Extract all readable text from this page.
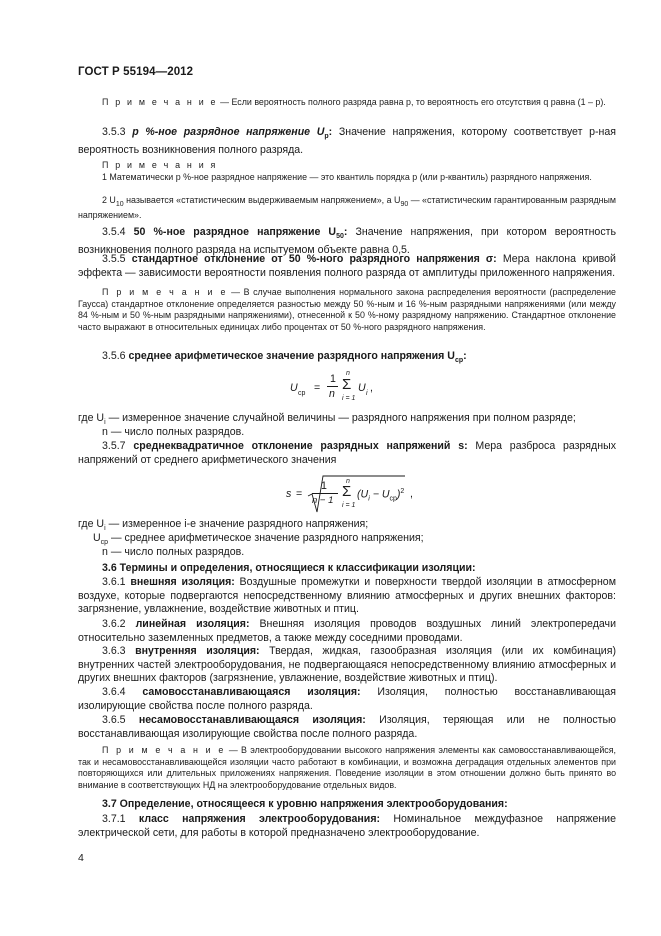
ГОСТ Р 55194—2012
П р и м е ч а н и е — Если вероятность полного разряда равна p, то вероятность его отсутствия q равна (1 – p).
3.5.3 p %-ное разрядное напряжение $U_p$: Значение напряжения, которому соответствует p-ная вероятность возникновения полного разряда.
П р и м е ч а н и я
1 Математически p %-ное разрядное напряжение — это квантиль порядка p (или p-квантиль) разрядного напряжения.
2 $U_{10}$ называется «статистическим выдерживаемым напряжением», а $U_{90}$ — «статистическим гарантированным разрядным напряжением».
3.5.4 50 %-ное разрядное напряжение $U_{50}$: Значение напряжения, при котором вероятность возникновения полного разряда на испытуемом объекте равна 0,5.
3.5.5 стандартное отклонение от 50 %-ного разрядного напряжения σ: Мера наклона кривой эффекта — зависимости вероятности появления полного разряда от амплитуды приложенного напряжения.
П р и м е ч а н и е — В случае выполнения нормального закона распределения вероятности (распределение Гаусса) стандартное отклонение определяется разностью между 50 %-ным и 16 %-ным разрядными напряжениями (или между 84 %-ным и 50 %-ным разрядными напряжениями), отнесенной к 50 %-ному разрядному напряжению. Стандартное отклонение часто выражают в относительных единицах либо процентах от 50 %-ного разрядного напряжения.
3.5.6 среднее арифметическое значение разрядного напряжения $U_{ср}$:
U ср =
1
n
n
Σ
i = 1
U i ,
где $U_i$ — измеренное значение случайной величины — разрядного напряжения при полном разряде;
n — число полных разрядов.
3.5.7 среднеквадратичное отклонение разрядных напряжений s: Мера разброса разрядных напряжений от среднего арифметического значения
s =
1
n − 1
n
Σ
i = 1
$(U_i - U_{ср})^2$ ,
где $U_i$ — измеренное i-е значение разрядного напряжения;
$U_{ср}$ — среднее арифметическое значение разрядного напряжения;
n — число полных разрядов.
3.6 Термины и определения, относящиеся к классификации изоляции:
3.6.1 внешняя изоляция: Воздушные промежутки и поверхности твердой изоляции в атмосферном воздухе, которые подвергаются непосредственному влиянию атмосферных и других внешних факторов: загрязнение, увлажнение, воздействие животных и птиц.
3.6.2 линейная изоляция: Внешняя изоляция проводов воздушных линий электропередачи относительно заземленных предметов, а также между соседними проводами.
3.6.3 внутренняя изоляция: Твердая, жидкая, газообразная изоляция (или их комбинация) внутренних частей электрооборудования, не подвергающаяся непосредственному влиянию атмосферных и других внешних факторов (загрязнение, увлажнение, воздействие животных и птиц).
3.6.4 самовосстанавливающаяся изоляция: Изоляция, полностью восстанавливающая изолирующие свойства после полного разряда.
3.6.5 несамовосстанавливающаяся изоляция: Изоляция, теряющая или не полностью восстанавливающая изолирующие свойства после полного разряда.
П р и м е ч а н и е — В электрооборудовании высокого напряжения элементы как самовосстанавливающейся, так и несамовосстанавливающейся изоляции часто работают в комбинации, и возможна деградация отдельных элементов при повторяющихся или длительных приложениях напряжения. Поведение изоляции в этом отношении должно быть принято во внимание в соответствующих НД на электрооборудование отдельных видов.
3.7 Определение, относящееся к уровню напряжения электрооборудования:
3.7.1 класс напряжения электрооборудования: Номинальное междуфазное напряжение электрической сети, для работы в которой предназначено электрооборудование.
4
